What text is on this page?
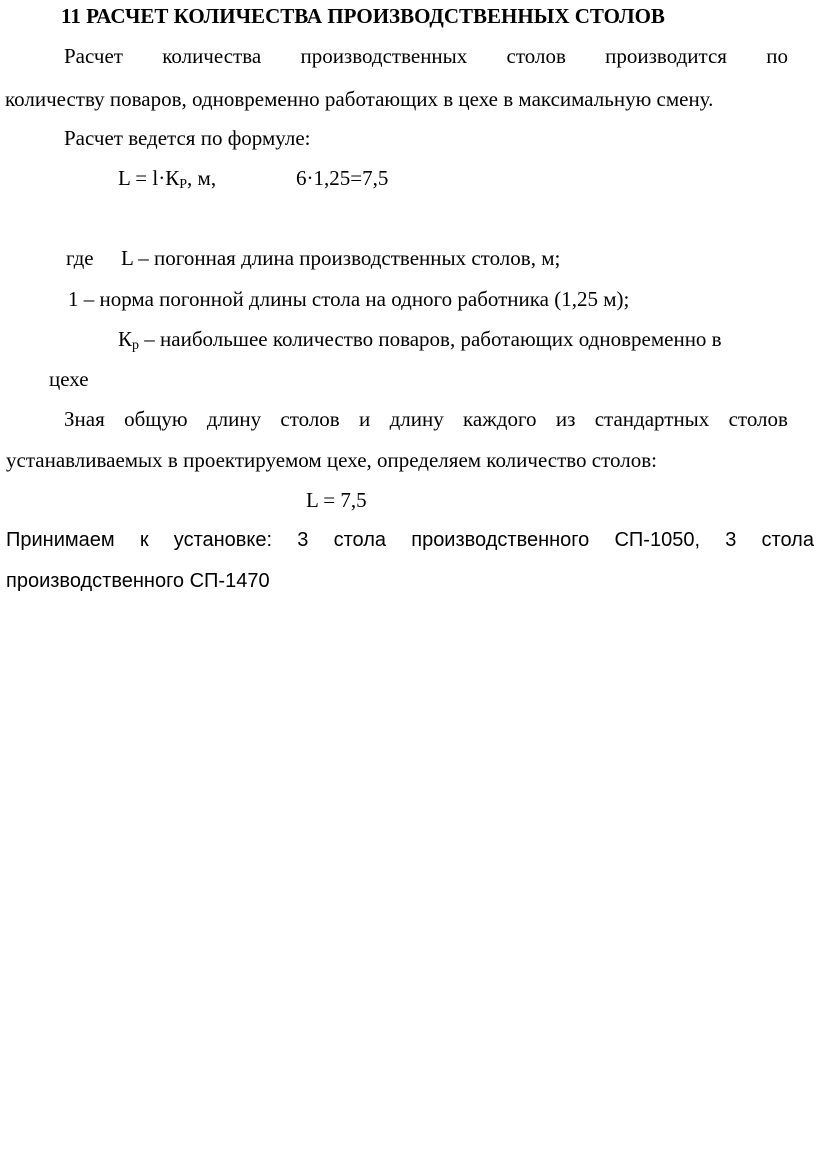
11 РАСЧЕТ КОЛИЧЕСТВА ПРОИЗВОДСТВЕННЫХ СТОЛОВ
Расчет количества производственных столов производится по
количеству поваров, одновременно работающих в цехе в максимальную смену.
Расчет ведется по формуле:
$L = l\cdot К_Р$, м,	6·1,25=7,5
где L – погонная длина производственных столов, м;
1 – норма погонной длины стола на одного работника (1,25 м);
$К_р$ – наибольшее количество поваров, работающих одновременно в
цехе
Зная общую длину столов и длину каждого из стандартных столов
устанавливаемых в проектируемом цехе, определяем количество столов:
L = 7,5
Принимаем к установке: 3 стола производственного СП-1050, 3 стола
производственного СП-1470
